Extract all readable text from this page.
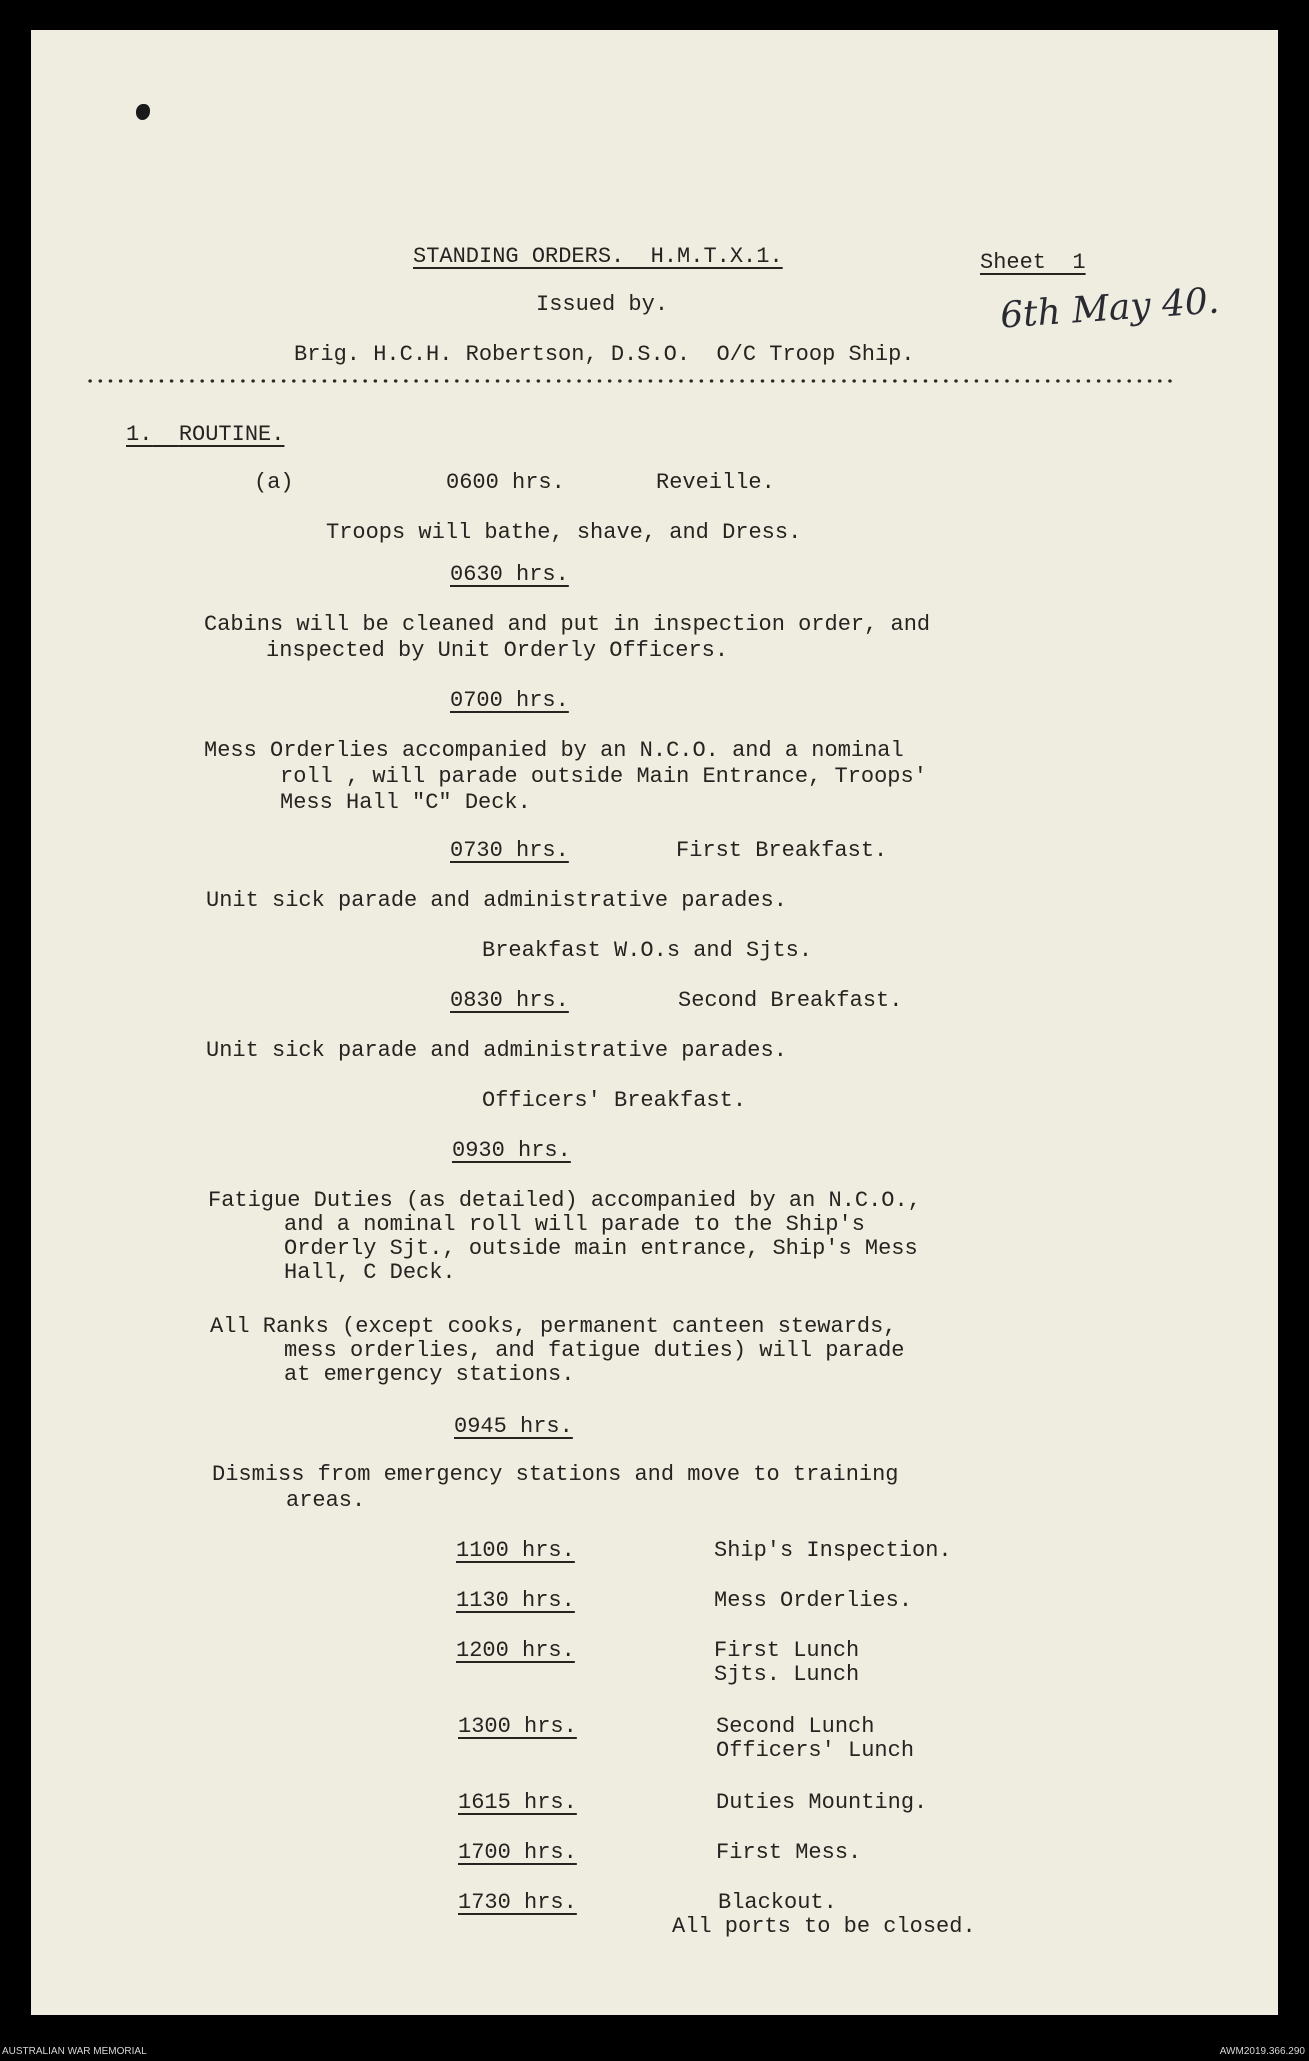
STANDING ORDERS.  H.M.T.X.1.	Sheet  1
6th May 40.
Issued by.
Brig. H.C.H. Robertson, D.S.O.  O/C Troop Ship.
1. ROUTINE.
(a)	0600 hrs.	Reveille.
Troops will bathe, shave, and Dress.
0630 hrs.
Cabins will be cleaned and put in inspection order, and
inspected by Unit Orderly Officers.
0700 hrs.
Mess Orderlies accompanied by an N.C.O. and a nominal
roll , will parade outside Main Entrance, Troops'
Mess Hall "C" Deck.
0730 hrs.	First Breakfast.
Unit sick parade and administrative parades.
Breakfast W.O.s and Sjts.
0830 hrs.	Second Breakfast.
Unit sick parade and administrative parades.
Officers' Breakfast.
0930 hrs.
Fatigue Duties (as detailed) accompanied by an N.C.O.,
and a nominal roll will parade to the Ship's
Orderly Sjt., outside main entrance, Ship's Mess
Hall, C Deck.
All Ranks (except cooks, permanent canteen stewards,
mess orderlies, and fatigue duties) will parade
at emergency stations.
0945 hrs.
Dismiss from emergency stations and move to training
areas.
1100 hrs.	Ship's Inspection.
1130 hrs.	Mess Orderlies.
1200 hrs.	First Lunch
Sjts. Lunch
1300 hrs.	Second Lunch
Officers' Lunch
1615 hrs.	Duties Mounting.
1700 hrs.	First Mess.
1730 hrs.	Blackout.
All ports to be closed.
AUSTRALIAN WAR MEMORIAL	AWM2019.366.290
